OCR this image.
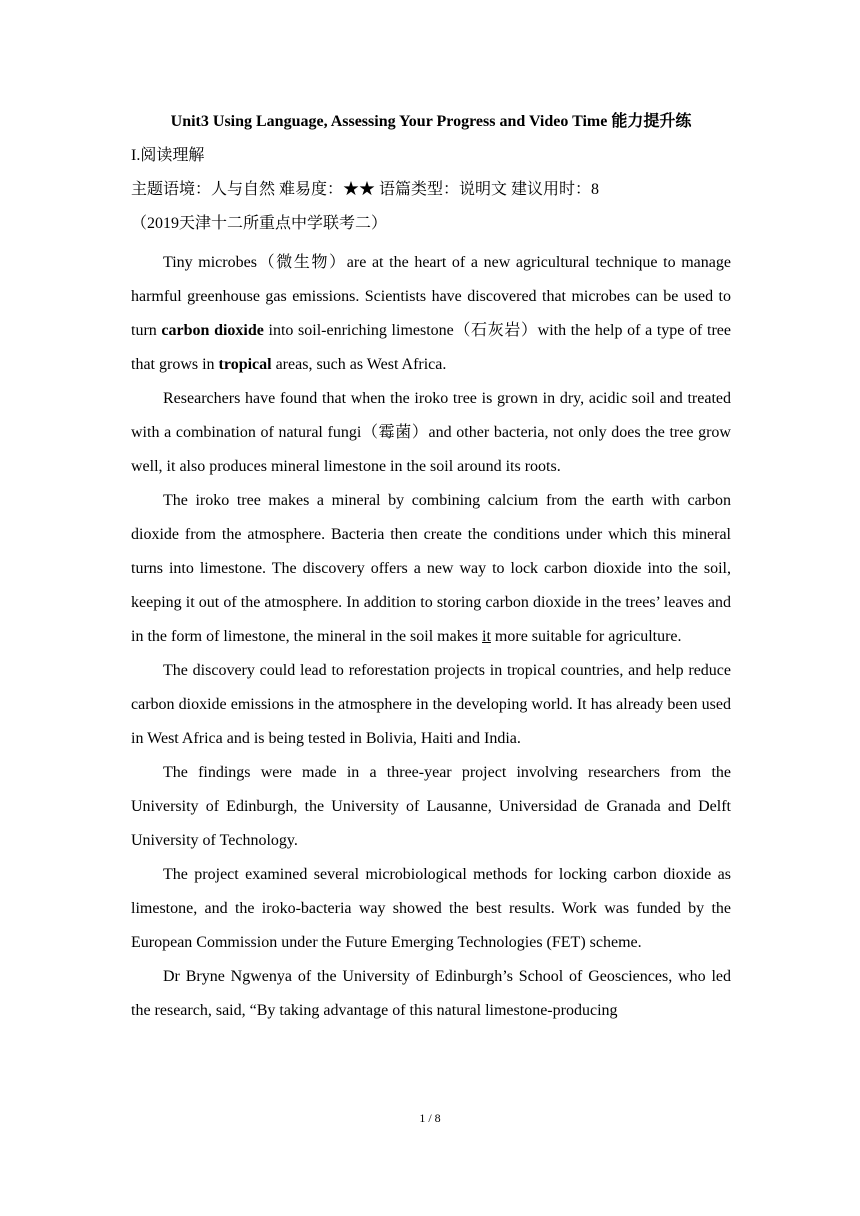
Unit3 Using Language, Assessing Your Progress and Video Time 能力提升练
I.阅读理解
主题语境：人与自然 难易度：★★ 语篇类型：说明文 建议用时：8
（2019天津十二所重点中学联考二）

Tiny microbes（微生物）are at the heart of a new agricultural technique to manage harmful greenhouse gas emissions. Scientists have discovered that microbes can be used to turn carbon dioxide into soil-enriching limestone（石灰岩）with the help of a type of tree that grows in tropical areas, such as West Africa.

Researchers have found that when the iroko tree is grown in dry, acidic soil and treated with a combination of natural fungi（霉菌）and other bacteria, not only does the tree grow well, it also produces mineral limestone in the soil around its roots.

The iroko tree makes a mineral by combining calcium from the earth with carbon dioxide from the atmosphere. Bacteria then create the conditions under which this mineral turns into limestone. The discovery offers a new way to lock carbon dioxide into the soil, keeping it out of the atmosphere. In addition to storing carbon dioxide in the trees’ leaves and in the form of limestone, the mineral in the soil makes it more suitable for agriculture.

The discovery could lead to reforestation projects in tropical countries, and help reduce carbon dioxide emissions in the atmosphere in the developing world. It has already been used in West Africa and is being tested in Bolivia, Haiti and India.

The findings were made in a three-year project involving researchers from the University of Edinburgh, the University of Lausanne, Universidad de Granada and Delft University of Technology.

The project examined several microbiological methods for locking carbon dioxide as limestone, and the iroko-bacteria way showed the best results. Work was funded by the European Commission under the Future Emerging Technologies (FET) scheme.

Dr Bryne Ngwenya of the University of Edinburgh’s School of Geosciences, who led the research, said, “By taking advantage of this natural limestone-producing

1 / 8
